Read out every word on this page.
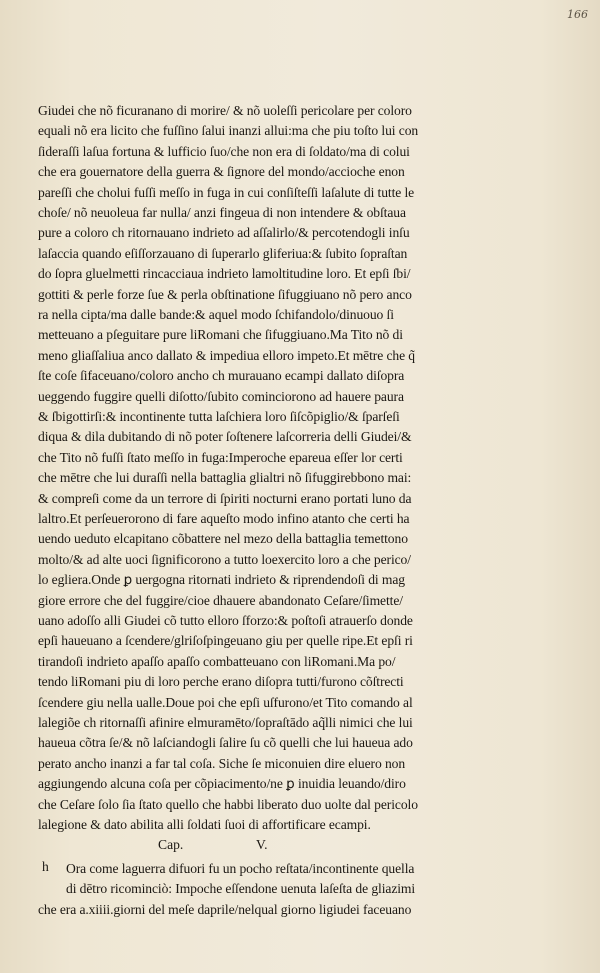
166
Giudei che nõ ficuranano di morire/ & nõ uoleſſi pericolare per coloro
equali nõ era licito che fuſſino ſalui inanzi allui:ma che piu toſto lui con
ſideraſſi laſua fortuna & lufficio ſuo/che non era di ſoldato/ma di colui
che era gouernatore della guerra & ſignore del mondo/accioche enon
pareſſi che cholui fuſſi meſſo in fuga in cui conſiſteſſi laſalute di tutte le
choſe/ nõ neuoleua far nulla/ anzi fingeua di non intendere & obſtaua
pure a coloro ch ritornauano indrieto ad aſſalirlo/& percotendogli inſu
laſaccia quando eſiſſorzauano di ſuperarlo gliferiua:& ſubito ſopraſtan
do ſopra gluelmetti rincacciaua indrieto lamoltitudine loro. Et epſi ſbi/
gottiti & perle forze ſue & perla obſtinatione ſifuggiuano nõ pero anco
ra nella cipta/ma dalle bande:& aquel modo ſchifandolo/dinuouo ſi
metteuano a pſeguitare pure liRomani che ſifuggiuano.Ma Tito nõ di
meno gliaſſaliua anco dallato & impediua elloro impeto.Et mētre che q̃
ſte coſe ſifaceuano/coloro ancho ch murauano ecampi dallato diſopra
ueggendo fuggire quelli diſotto/ſubito cominciorono ad hauere paura
& ſbigottirſi:& incontinente tutta laſchiera loro ſiſcõpiglio/& ſparſeſi
diqua & dila dubitando di nõ poter ſoſtenere laſcorreria delli Giudei/&
che Tito nõ fuſſi ſtato meſſo in fuga:Imperoche epareua eſſer lor certi
che mētre che lui duraſſi nella battaglia glialtri nõ ſifuggirebbono mai:
& compreſi come da un terrore di ſpiriti nocturni erano portati luno da
laltro.Et perſeuerorono di fare aqueſto modo infino atanto che certi ha
uendo ueduto elcapitano cõbattere nel mezo della battaglia temettono
molto/& ad alte uoci ſignificorono a tutto loexercito loro a che perico/
lo egliera.Onde ꝑ uergogna ritornati indrieto & riprendendoſi di mag
giore errore che del fuggire/cioe dhauere abandonato Ceſare/ſimette/
uano adoſſo alli Giudei cõ tutto elloro ſforzo:& poſtoſi atrauerſo donde
epſi haueuano a ſcendere/glriſoſpingeuano giu per quelle ripe.Et epſi ri
tirandoſi indrieto apaſſo apaſſo combatteuano con liRomani.Ma po/
tendo liRomani piu di loro perche erano diſopra tutti/furono cõſtrecti
ſcendere giu nella ualle.Doue poi che epſi uſfurono/et Tito comando al
lalegiõe ch ritornaſſi afinire elmuramēto/ſopraſtādo aq̃lli nimici che lui
haueua cõtra ſe/& nõ laſciandogli ſalire ſu cõ quelli che lui haueua ado
perato ancho inanzi a far tal coſa. Siche ſe miconuien dire eluero non
aggiungendo alcuna coſa per cõpiacimento/ne ꝑ inuidia leuando/diro
che Ceſare ſolo ſia ſtato quello che habbi liberato duo uolte dal pericolo
lalegione & dato abilita alli ſoldati ſuoi di affortificare ecampi.
Cap.	V.
h Ora come laguerra difuori fu un pocho reſtata/incontinente quella
di dētro ricominciò: Impoche eſſendone uenuta laſeſta de gliazimi
che era a.xiiii.giorni del meſe daprile/nelqual giorno ligiudei faceuano
